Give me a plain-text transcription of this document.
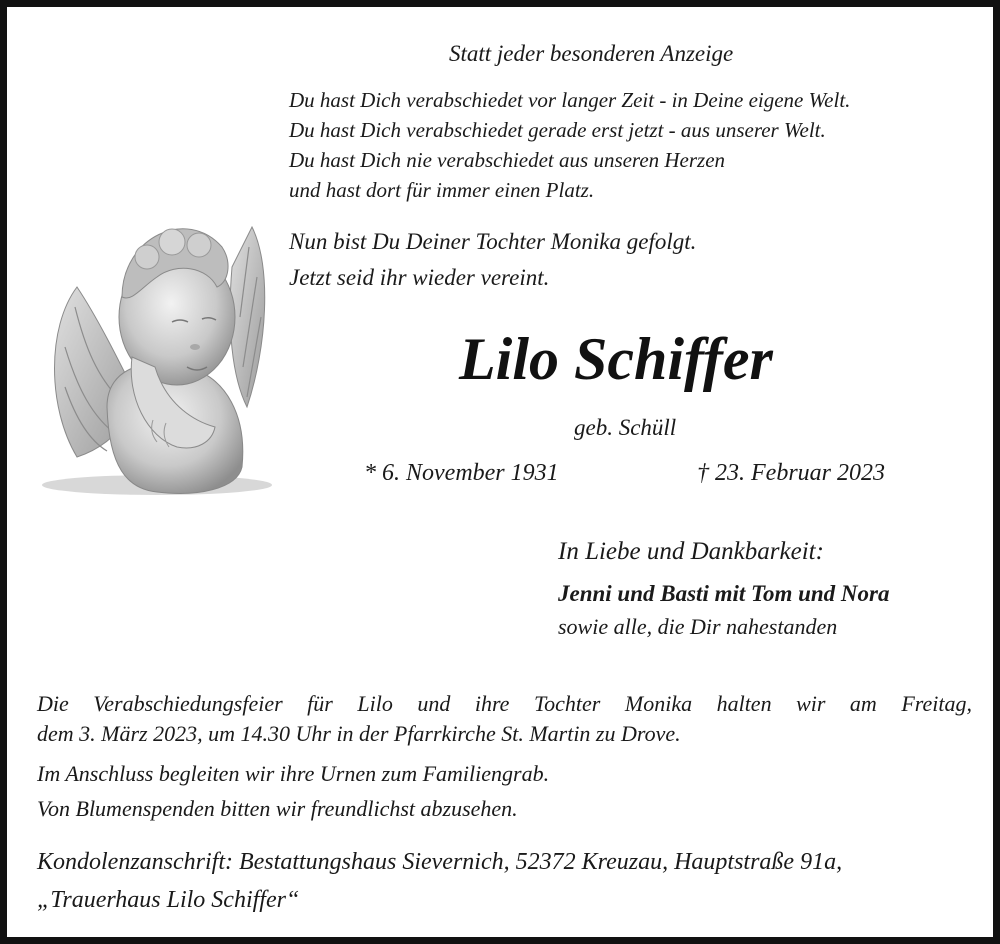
Statt jeder besonderen Anzeige
Du hast Dich verabschiedet vor langer Zeit - in Deine eigene Welt.
Du hast Dich verabschiedet gerade erst jetzt - aus unserer Welt.
Du hast Dich nie verabschiedet aus unseren Herzen
und hast dort für immer einen Platz.
Nun bist Du Deiner Tochter Monika gefolgt.
Jetzt seid ihr wieder vereint.
Lilo Schiffer
geb. Schüll
* 6. November 1931	† 23. Februar 2023
In Liebe und Dankbarkeit:
Jenni und Basti mit Tom und Nora
sowie alle, die Dir nahestanden
Die Verabschiedungsfeier für Lilo und ihre Tochter Monika halten wir am Freitag,
dem 3. März 2023, um 14.30 Uhr in der Pfarrkirche St. Martin zu Drove.
Im Anschluss begleiten wir ihre Urnen zum Familiengrab.
Von Blumenspenden bitten wir freundlichst abzusehen.
Kondolenzanschrift: Bestattungshaus Sievernich, 52372 Kreuzau, Hauptstraße 91a,
„Trauerhaus Lilo Schiffer“
